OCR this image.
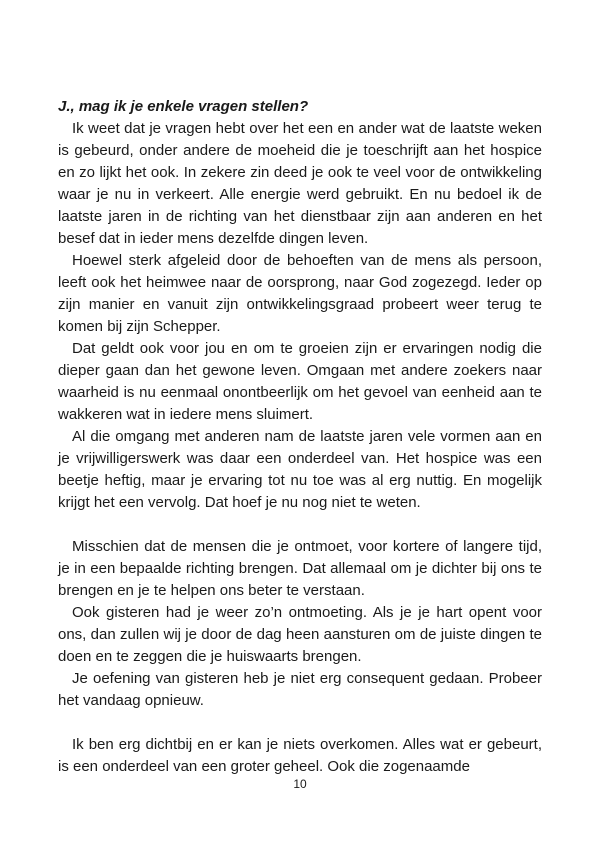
J., mag ik je enkele vragen stellen?

Ik weet dat je vragen hebt over het een en ander wat de laatste weken is gebeurd, onder andere de moeheid die je toeschrijft aan het hospice en zo lijkt het ook. In zekere zin deed je ook te veel voor de ontwikkeling waar je nu in verkeert. Alle energie werd gebruikt. En nu bedoel ik de laatste jaren in de richting van het dienstbaar zijn aan anderen en het besef dat in ieder mens dezelfde dingen leven.

Hoewel sterk afgeleid door de behoeften van de mens als persoon, leeft ook het heimwee naar de oorsprong, naar God zogezegd. Ieder op zijn manier en vanuit zijn ontwikkelingsgraad probeert weer terug te komen bij zijn Schepper.

Dat geldt ook voor jou en om te groeien zijn er ervaringen nodig die dieper gaan dan het gewone leven. Omgaan met andere zoekers naar waarheid is nu eenmaal onontbeerlijk om het gevoel van eenheid aan te wakkeren wat in iedere mens sluimert.

Al die omgang met anderen nam de laatste jaren vele vormen aan en je vrijwilligerswerk was daar een onderdeel van. Het hospice was een beetje heftig, maar je ervaring tot nu toe was al erg nuttig. En mogelijk krijgt het een vervolg. Dat hoef je nu nog niet te weten.

Misschien dat de mensen die je ontmoet, voor kortere of langere tijd, je in een bepaalde richting brengen. Dat allemaal om je dichter bij ons te brengen en je te helpen ons beter te verstaan.

Ook gisteren had je weer zo’n ontmoeting. Als je je hart opent voor ons, dan zullen wij je door de dag heen aansturen om de juiste dingen te doen en te zeggen die je huiswaarts brengen.

Je oefening van gisteren heb je niet erg consequent gedaan. Probeer het vandaag opnieuw.

Ik ben erg dichtbij en er kan je niets overkomen. Alles wat er gebeurt, is een onderdeel van een groter geheel. Ook die zogenaamde

10
